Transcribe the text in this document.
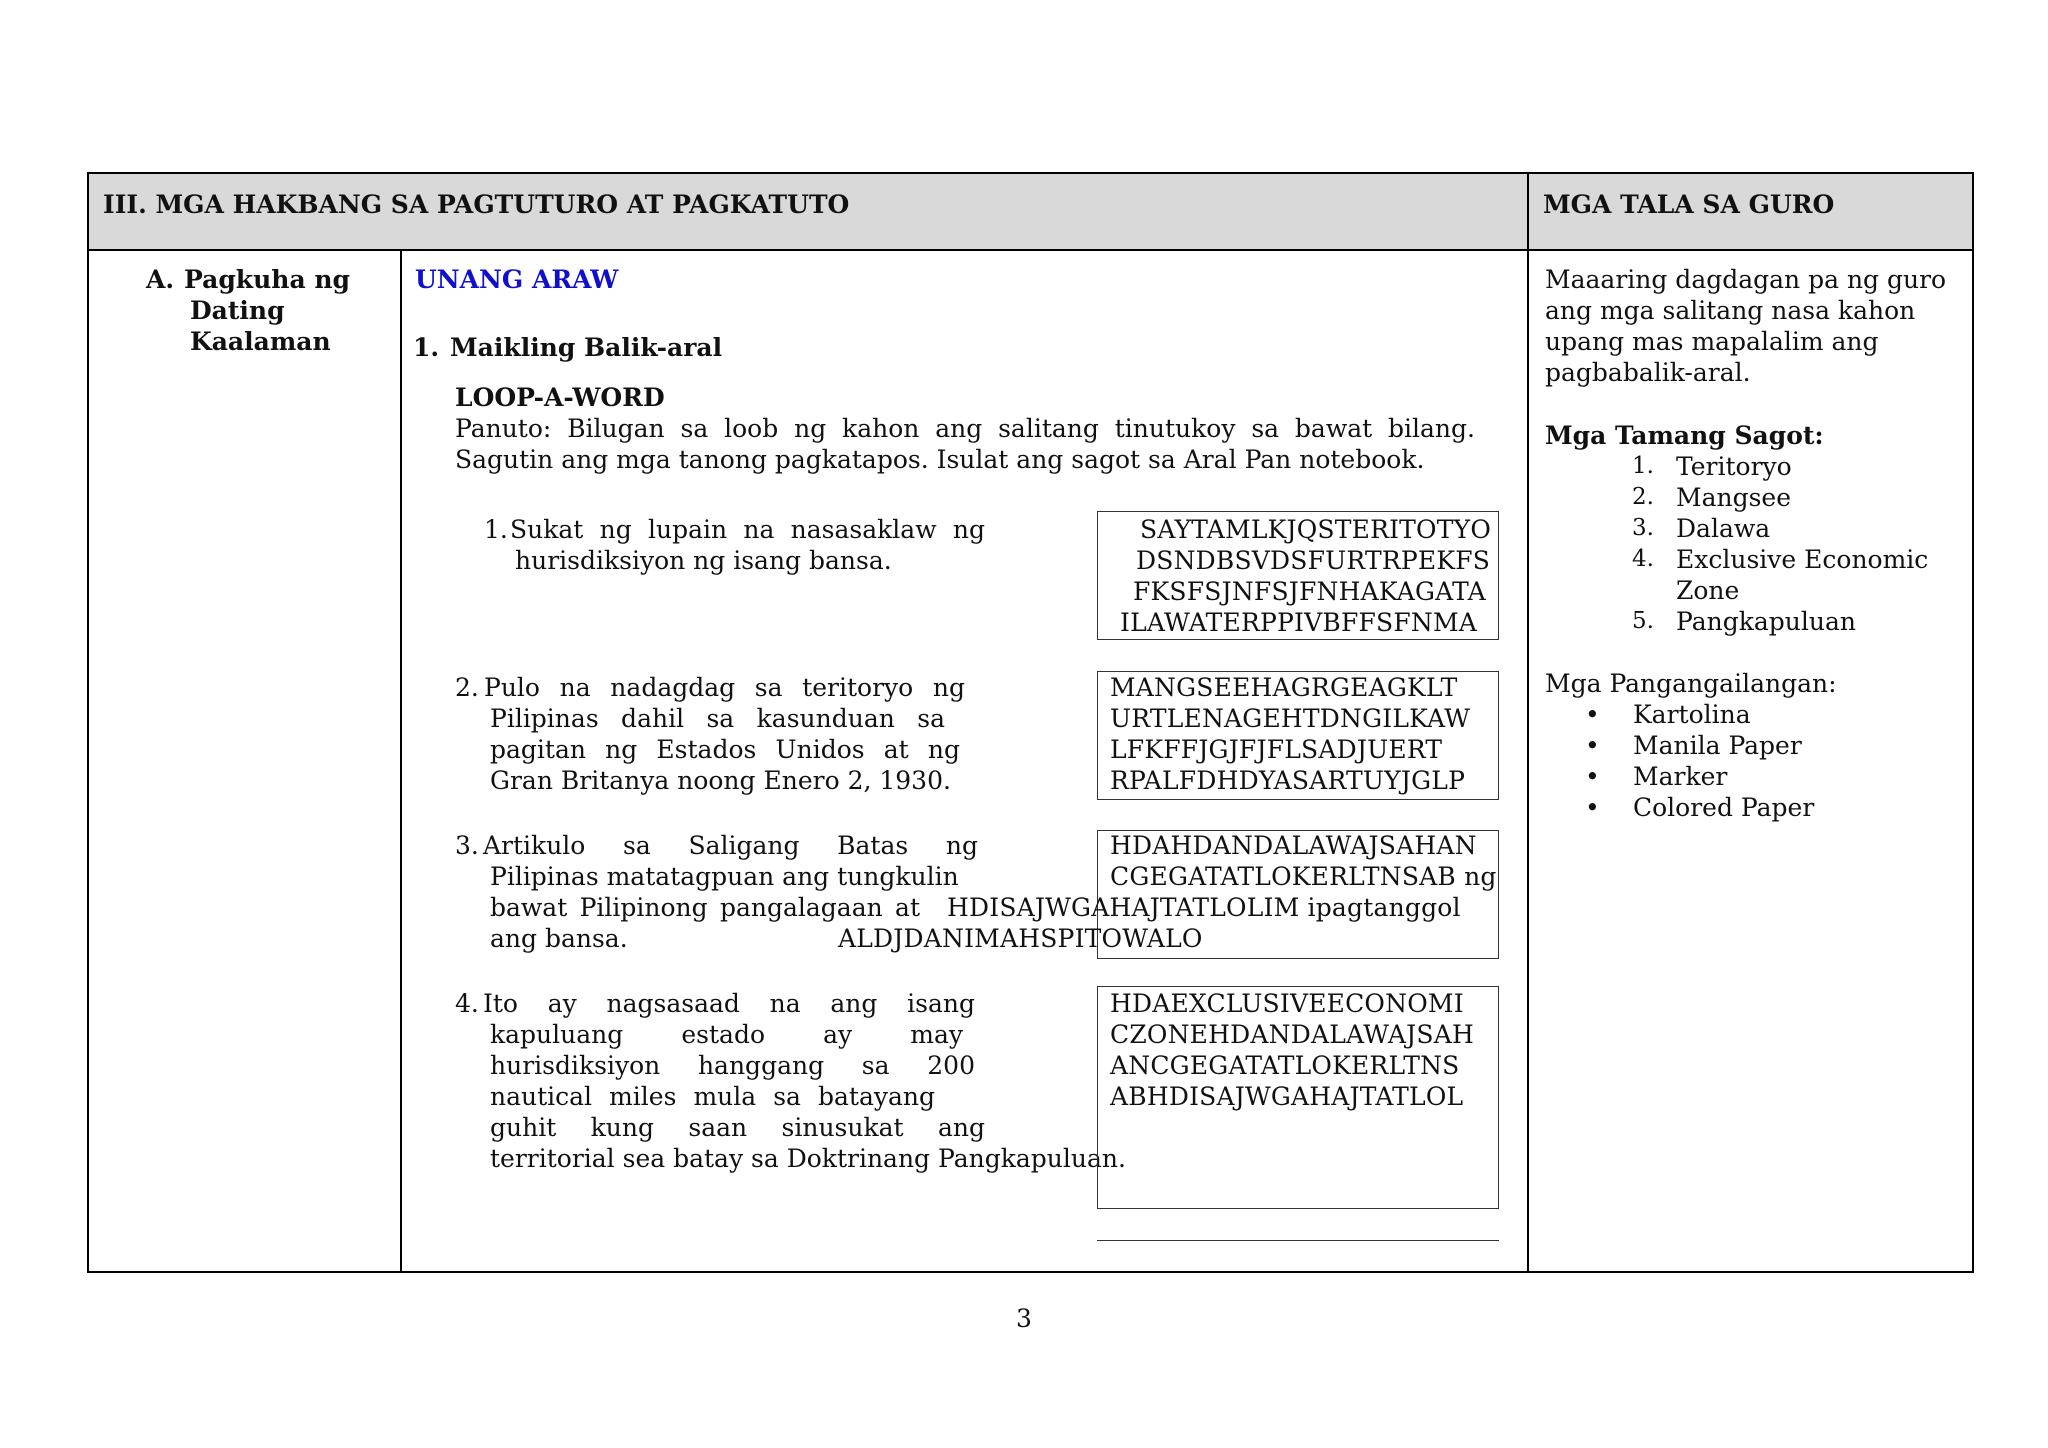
III. MGA HAKBANG SA PAGTUTURO AT PAGKATUTO		MGA TALA SA GURO

A. Pagkuha ng
Dating
Kaalaman
UNANG ARAW
1. Maikling Balik-aral
LOOP-A-WORD
Panuto: Bilugan sa loob ng kahon ang salitang tinutukoy sa bawat bilang.
Sagutin ang mga tanong pagkatapos. Isulat ang sagot sa Aral Pan notebook.
1. Sukat ng lupain na nasasaklaw ng
hurisdiksiyon ng isang bansa.
SAYTAMLKJQSTERITOTYO
DSNDBSVDSFURTRPEKFS
FKSFSJNFSJFNHAKAGATA
ILAWATERPPIVBFFSFNMA
2. Pulo na nadagdag sa teritoryo ng
Pilipinas dahil sa kasunduan sa
pagitan ng Estados Unidos at ng
Gran Britanya noong Enero 2, 1930.
MANGSEEHAGRGEAGKLT
URTLENAGEHTDNGILKAW
LFKFFJGJFJFLSADJUERT
RPALFDHDYASARTUYJGLP
3. Artikulo sa Saligang Batas ng
Pilipinas matatagpuan ang tungkulin
bawat Pilipinong pangalagaan at
ang bansa.
HDAHDANDALAWAJSAHAN
CGEGATATLOKERLTNSAB ng
HDISAJWGAHAJTATLOLIM ipagtanggol
ALDJDANIMAHSPITOWALO
4. Ito ay nagsasaad na ang isang
kapuluang estado ay may
hurisdiksiyon hanggang sa 200
nautical miles mula sa batayang
guhit kung saan sinusukat ang
territorial sea batay sa Doktrinang Pangkapuluan.
HDAEXCLUSIVEECONOMI
CZONEHDANDALAWAJSAH
ANCGEGATATLOKERLTNS
ABHDISAJWGAHAJTATLOL
Maaaring dagdagan pa ng guro
ang mga salitang nasa kahon
upang mas mapalalim ang
pagbabalik-aral.
Mga Tamang Sagot:
1. Teritoryo
2. Mangsee
3. Dalawa
4. Exclusive Economic
Zone
5. Pangkapuluan
Mga Pangangailangan:
• Kartolina
• Manila Paper
• Marker
• Colored Paper
3
